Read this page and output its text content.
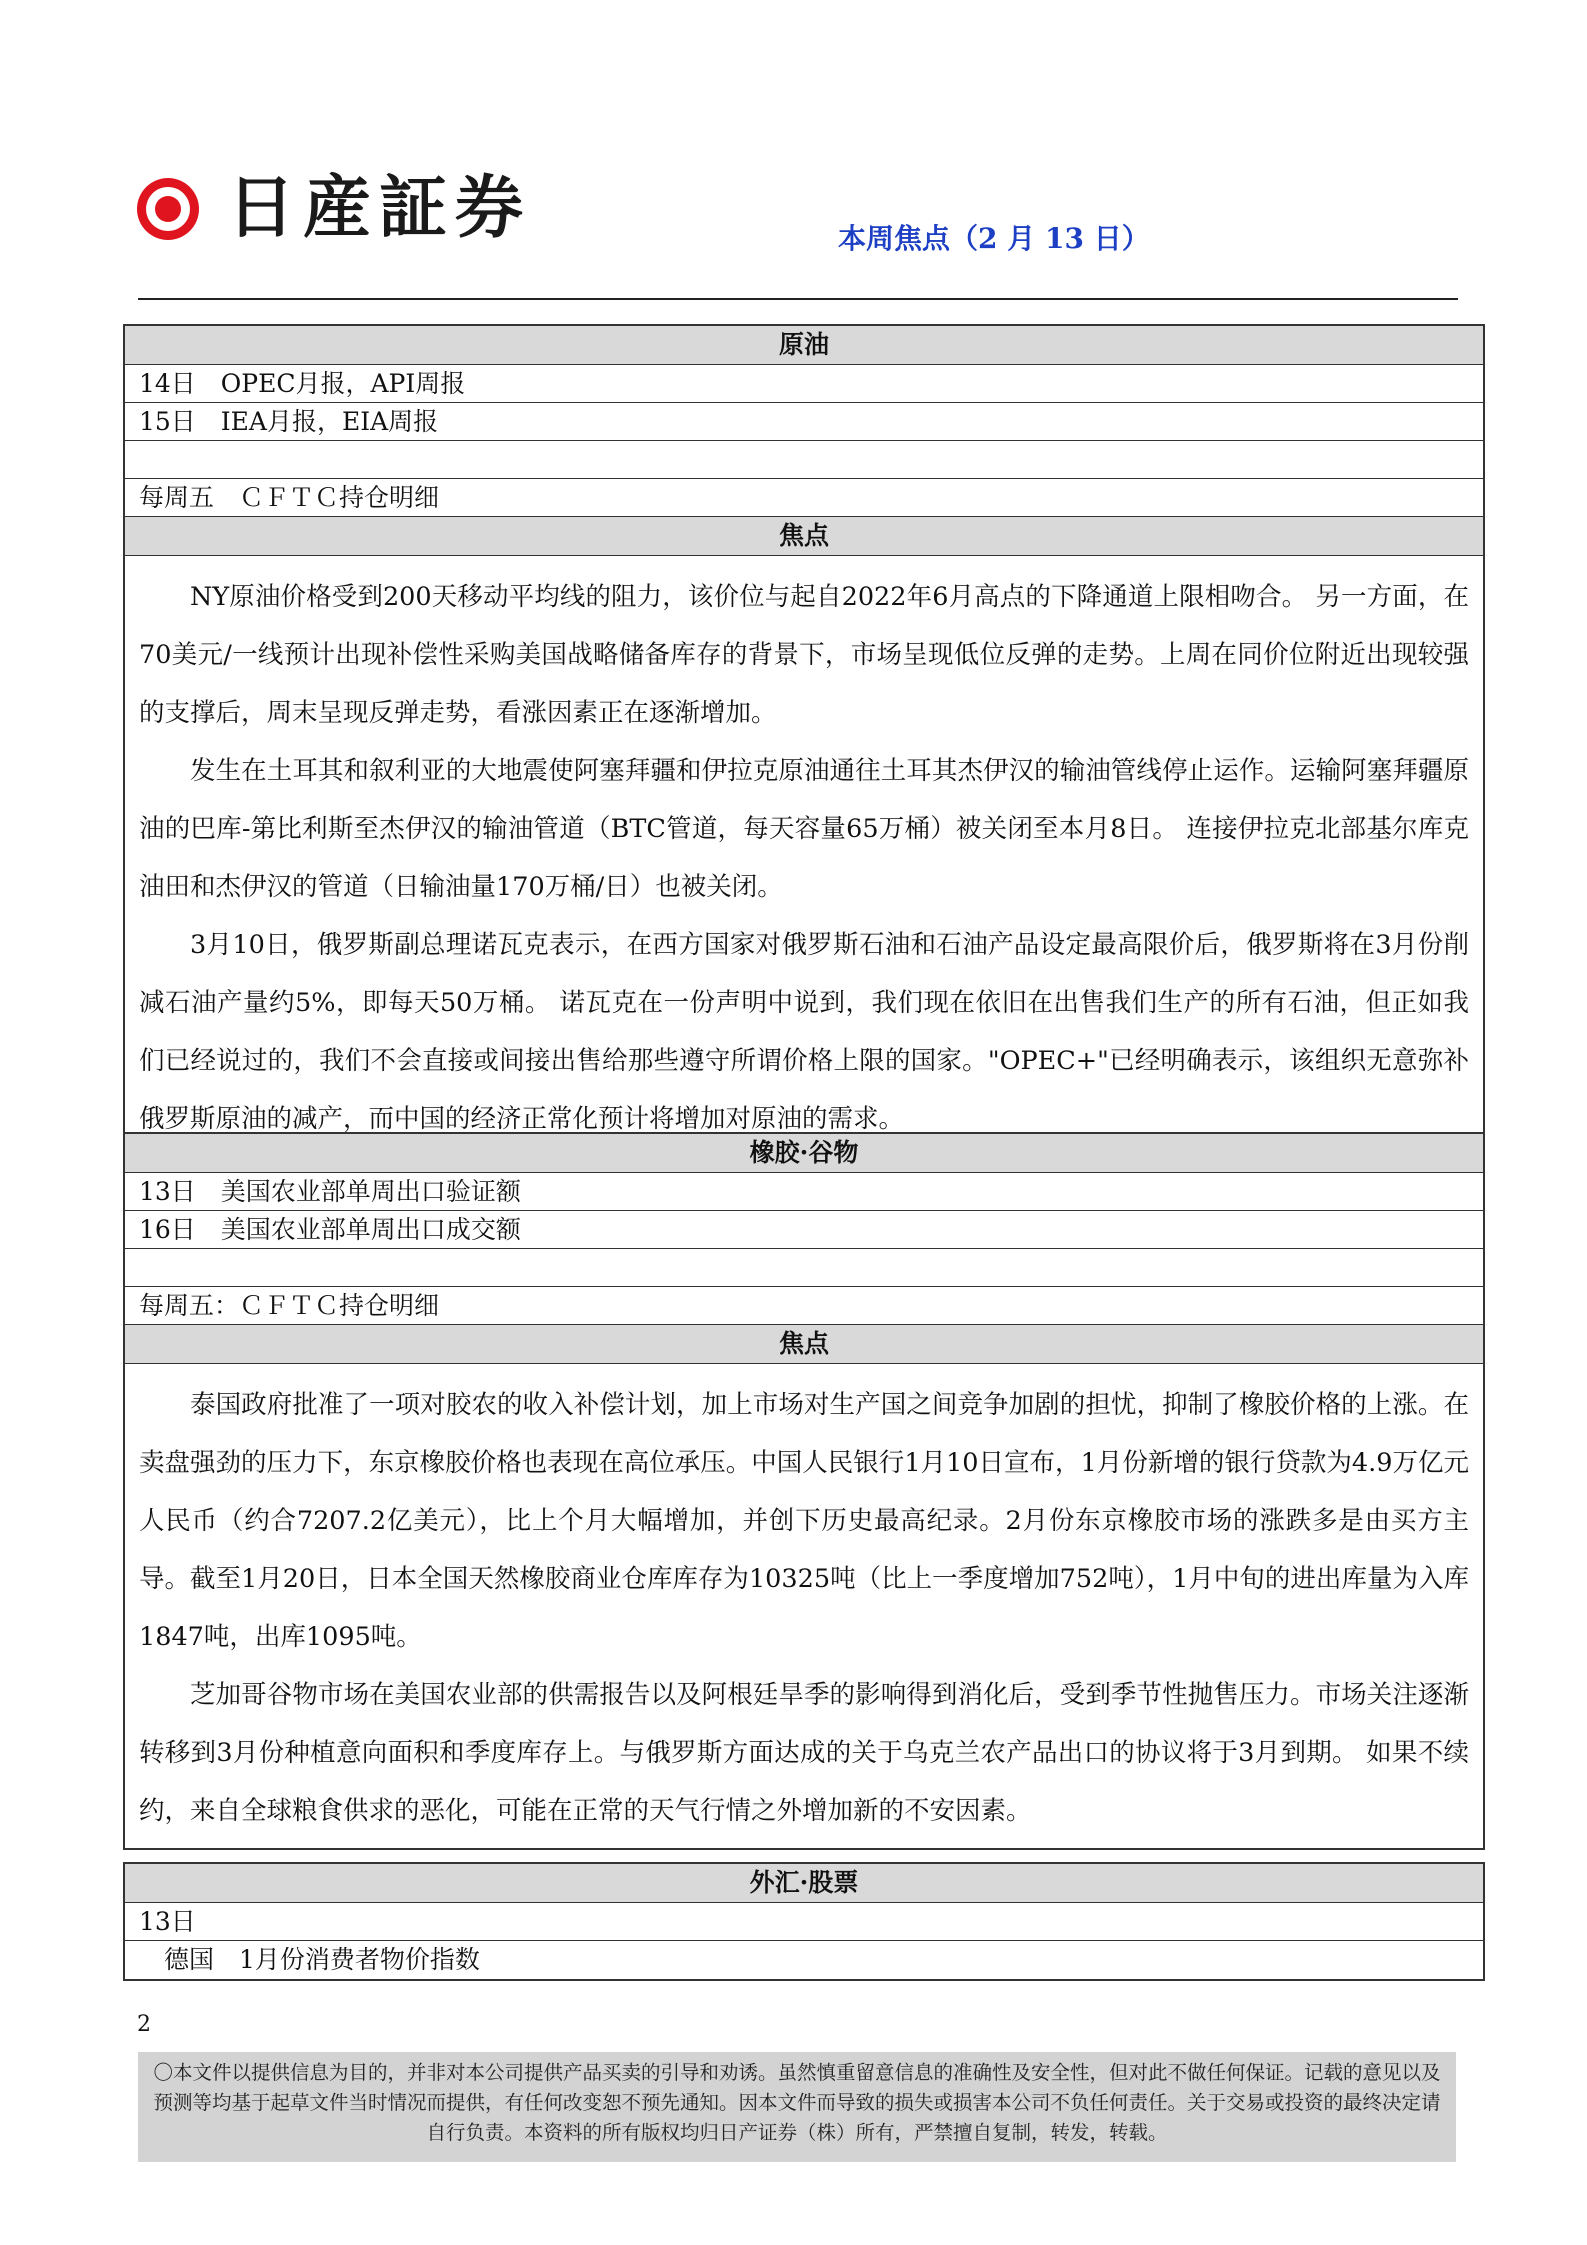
日産証券	本周焦点（2 月 13 日）
原油
14日　OPEC月报，API周报
15日　IEA月报，EIA周报
每周五　ＣＦＴＣ持仓明细
焦点

NY原油价格受到200天移动平均线的阻力，该价位与起自2022年6月高点的下降通道上限相吻合。 另一方面，在70美元/一线预计出现补偿性采购美国战略储备库存的背景下，市场呈现低位反弹的走势。上周在同价位附近出现较强的支撑后，周末呈现反弹走势，看涨因素正在逐渐增加。

发生在土耳其和叙利亚的大地震使阿塞拜疆和伊拉克原油通往土耳其杰伊汉的输油管线停止运作。运输阿塞拜疆原油的巴库-第比利斯至杰伊汉的输油管道（BTC管道，每天容量65万桶）被关闭至本月8日。 连接伊拉克北部基尔库克油田和杰伊汉的管道（日输油量170万桶/日）也被关闭。

3月10日，俄罗斯副总理诺瓦克表示，在西方国家对俄罗斯石油和石油产品设定最高限价后，俄罗斯将在3月份削减石油产量约5%，即每天50万桶。 诺瓦克在一份声明中说到，我们现在依旧在出售我们生产的所有石油，但正如我们已经说过的，我们不会直接或间接出售给那些遵守所谓价格上限的国家。"OPEC+"已经明确表示，该组织无意弥补俄罗斯原油的减产，而中国的经济正常化预计将增加对原油的需求。

橡胶·谷物
13日　美国农业部单周出口验证额
16日　美国农业部单周出口成交额
每周五：ＣＦＴＣ持仓明细
焦点

泰国政府批准了一项对胶农的收入补偿计划，加上市场对生产国之间竞争加剧的担忧，抑制了橡胶价格的上涨。在卖盘强劲的压力下，东京橡胶价格也表现在高位承压。中国人民银行1月10日宣布，1月份新增的银行贷款为4.9万亿元人民币（约合7207.2亿美元），比上个月大幅增加，并创下历史最高纪录。2月份东京橡胶市场的涨跌多是由买方主导。截至1月20日，日本全国天然橡胶商业仓库库存为10325吨（比上一季度增加752吨），1月中旬的进出库量为入库1847吨，出库1095吨。

芝加哥谷物市场在美国农业部的供需报告以及阿根廷旱季的影响得到消化后，受到季节性抛售压力。市场关注逐渐转移到3月份种植意向面积和季度库存上。与俄罗斯方面达成的关于乌克兰农产品出口的协议将于3月到期。 如果不续约，来自全球粮食供求的恶化，可能在正常的天气行情之外增加新的不安因素。

外汇·股票
13日
　德国　1月份消费者物价指数
2
〇本文件以提供信息为目的，并非对本公司提供产品买卖的引导和劝诱。虽然慎重留意信息的准确性及安全性，但对此不做任何保证。记载的意见以及预测等均基于起草文件当时情况而提供，有任何改变恕不预先通知。因本文件而导致的损失或损害本公司不负任何责任。关于交易或投资的最终决定请自行负责。本资料的所有版权均归日产证券（株）所有，严禁擅自复制，转发，转载。
